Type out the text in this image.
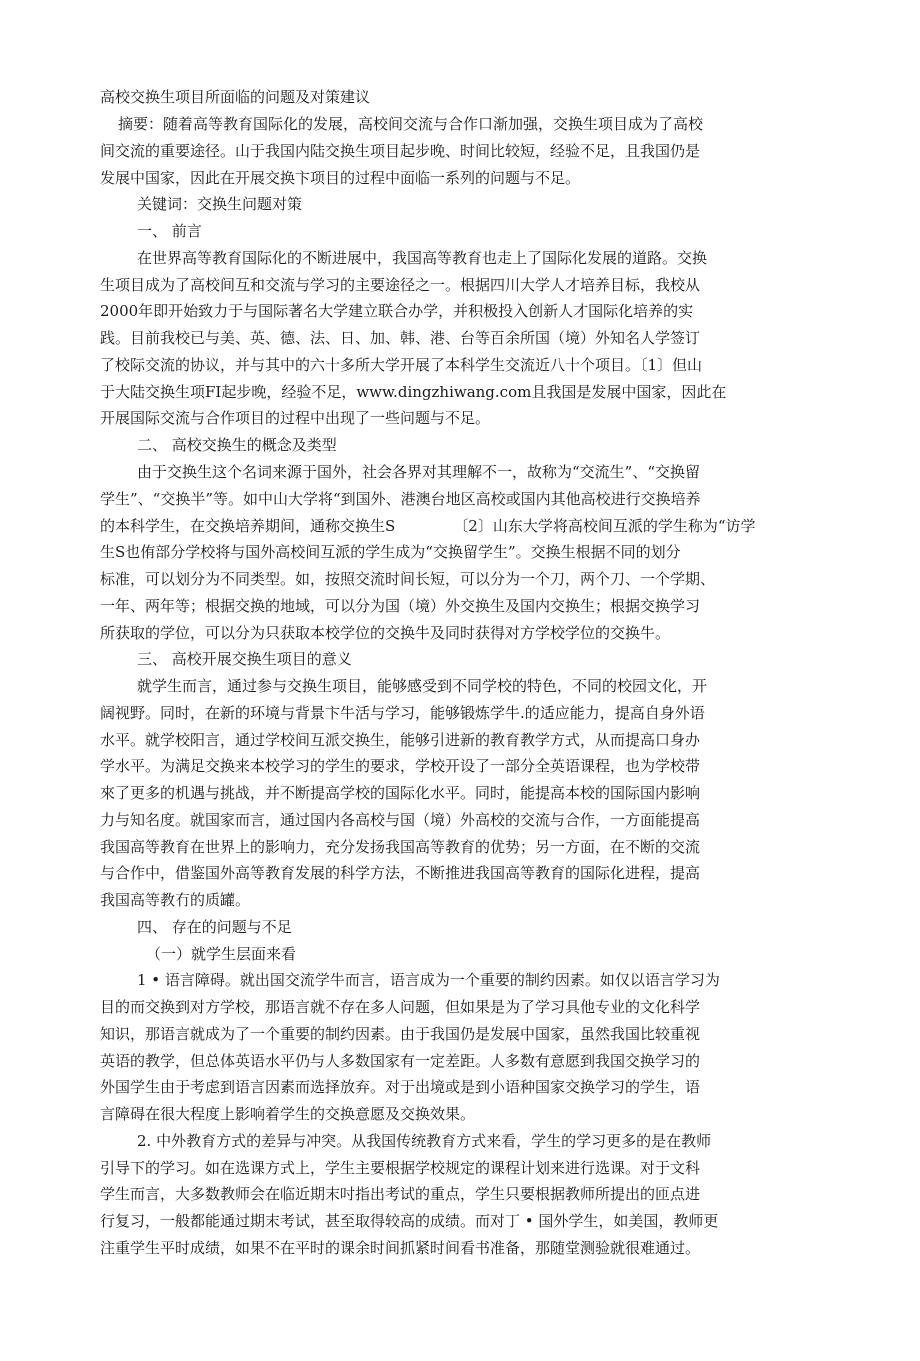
高校交换生项目所面临的问题及对策建议
摘要：随着高等教育国际化的发展，高校间交流与合作口渐加强，交换生项目成为了高校
间交流的重要途径。山于我国内陆交换生项目起步晚、时间比较短，经验不足，且我国仍是
发展中国家，因此在开展交换卞项目的过程中面临一系列的问题与不足。
关键词：交换生问题对策
一、 前言
在世界高等教育国际化的不断进展中，我国高等教育也走上了国际化发展的道路。交换
生项目成为了高校间互和交流与学习的主要途径之一。根据四川大学人才培养目标，我校从
2000年即开始致力于与国际著名大学建立联合办学，并积极投入创新人才国际化培养的实
践。目前我校已与美、英、德、法、日、加、韩、港、台等百余所国（境）外知名人学签订
了校际交流的协议，并与其中的六十多所大学开展了本科学生交流近八十个项目。〔1〕但山
于大陆交换生项FI起步晚，经验不足，www.dingzhiwang.com且我国是发展中国家，因此在
开展国际交流与合作项目的过程中出现了一些问题与不足。
二、 高校交换生的概念及类型
由于交换生这个名词来源于国外，社会各界对其理解不一，故称为“交流生”、“交换留
学生”、“交换半”等。如中山大学将“到国外、港澳台地区高校或国内其他高校进行交换培养
的本科学生，在交换培养期间，通称交换生S	〔2〕山东大学将高校间互派的学生称为“访学
生S也侑部分学校将与国外高校间互派的学生成为“交换留学生”。交换生根据不同的划分
标准，可以划分为不同类型。如，按照交流时间长短，可以分为一个刀，两个刀、一个学期、
一年、两年等；根据交换的地域，可以分为国（境）外交换生及国内交换生；根据交换学习
所获取的学位，可以分为只获取本校学位的交换牛及同时获得对方学校学位的交换牛。
三、 高校开展交换生项目的意义
就学生而言，通过参与交换生项目，能够感受到不同学校的特色，不同的校园文化，开
阔视野。同时，在新的环境与背景卞牛活与学习，能够锻炼学牛.的适应能力，提高自身外语
水平。就学校阳言，通过学校间互派交换生，能够引进新的教育教学方式，从而提高口身办
学水平。为满足交换来本校学习的学生的要求，学校开设了一部分全英语课程，也为学校带
來了更多的机遇与挑战，并不断提高学校的国际化水平。同时，能提高本校的国际国内影响
力与知名度。就国家而言，通过国内各高校与国（境）外高校的交流与合作，一方面能提高
我国高等教育在世界上的影响力，充分发扬我国高等教育的优势；另一方面，在不断的交流
与合作中，借鉴国外高等教育发展的科学方法，不断推进我国高等教育的国际化进程，提高
我国高等教冇的质罐。
四、 存在的问题与不足
（一）就学生层面来看
1 • 语言障碍。就出国交流学牛而言，语言成为一个重要的制约因素。如仅以语言学习为
目的而交换到对方学校，那语言就不存在多人问题，但如果是为了学习具他专业的文化科学
知识，那语言就成为了一个重要的制约因素。由于我国仍是发展中国家，虽然我国比较重视
英语的教学，但总体英语水平仍与人多数国家有一定差距。人多数有意愿到我国交换学习的
外国学生由于考虑到语言因素而选择放弃。对于出境或是到小语种国家交换学习的学生，语
言障碍在很大程度上影响着学生的交换意愿及交换效果。
2. 中外教育方式的差异与冲突。从我国传统教育方式来看，学生的学习更多的是在教师
引导下的学习。如在选课方式上，学生主要根据学校规定的课程计划来进行选课。对于文科
学生而言，大多数教师会在临近期末吋指出考试的重点，学生只要根据教师所提出的匝点进
行复习，一般都能通过期末考试，甚至取得较高的成绩。而对丁 • 国外学生，如美国，教师更
注重学生平时成绩，如果不在平时的课余时间抓紧时间看书准备，那随堂测验就很难通过。
